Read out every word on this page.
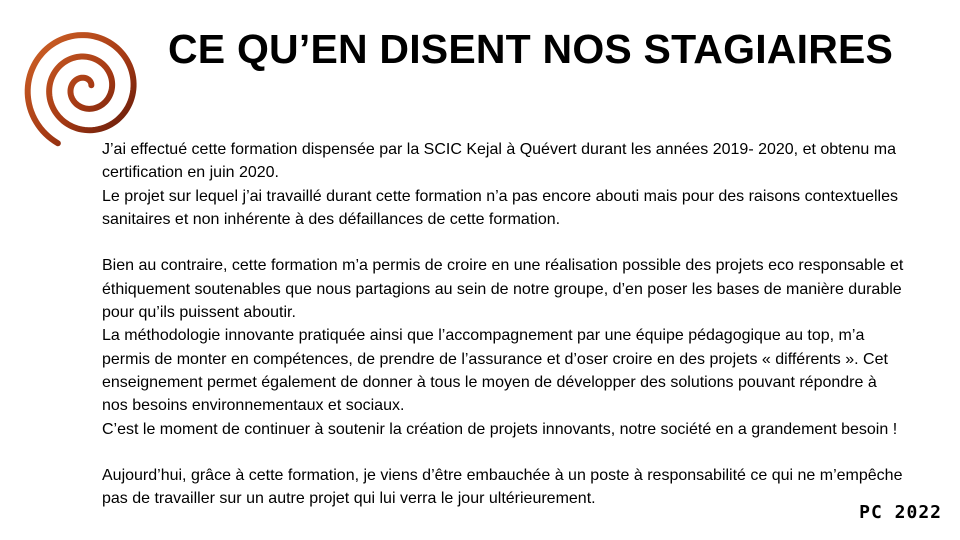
CE QU’EN DISENT NOS STAGIAIRES

J’ai effectué cette formation dispensée par la SCIC Kejal à Quévert durant les années 2019- 2020, et obtenu ma

certification en juin 2020.

Le projet sur lequel j’ai travaillé durant cette formation n’a pas encore abouti mais pour des raisons contextuelles

sanitaires et non inhérente à des défaillances de cette formation.

Bien au contraire, cette formation m’a permis de croire en une réalisation possible des projets eco responsable et

éthiquement soutenables que nous partagions au sein de notre groupe, d’en poser les bases de manière durable

pour qu’ils puissent aboutir.

La méthodologie innovante pratiquée ainsi que l’accompagnement par une équipe pédagogique au top, m’a

permis de monter en compétences, de prendre de l’assurance et d’oser croire en des projets « différents ». Cet

enseignement permet également de donner à tous le moyen de développer des solutions pouvant répondre à

nos besoins environnementaux et sociaux.

C’est le moment de continuer à soutenir la création de projets innovants, notre société en a grandement besoin !

Aujourd’hui, grâce à cette formation, je viens d’être embauchée à un poste à responsabilité ce qui ne m’empêche

pas de travailler sur un autre projet qui lui verra le jour ultérieurement.

PC 2022
